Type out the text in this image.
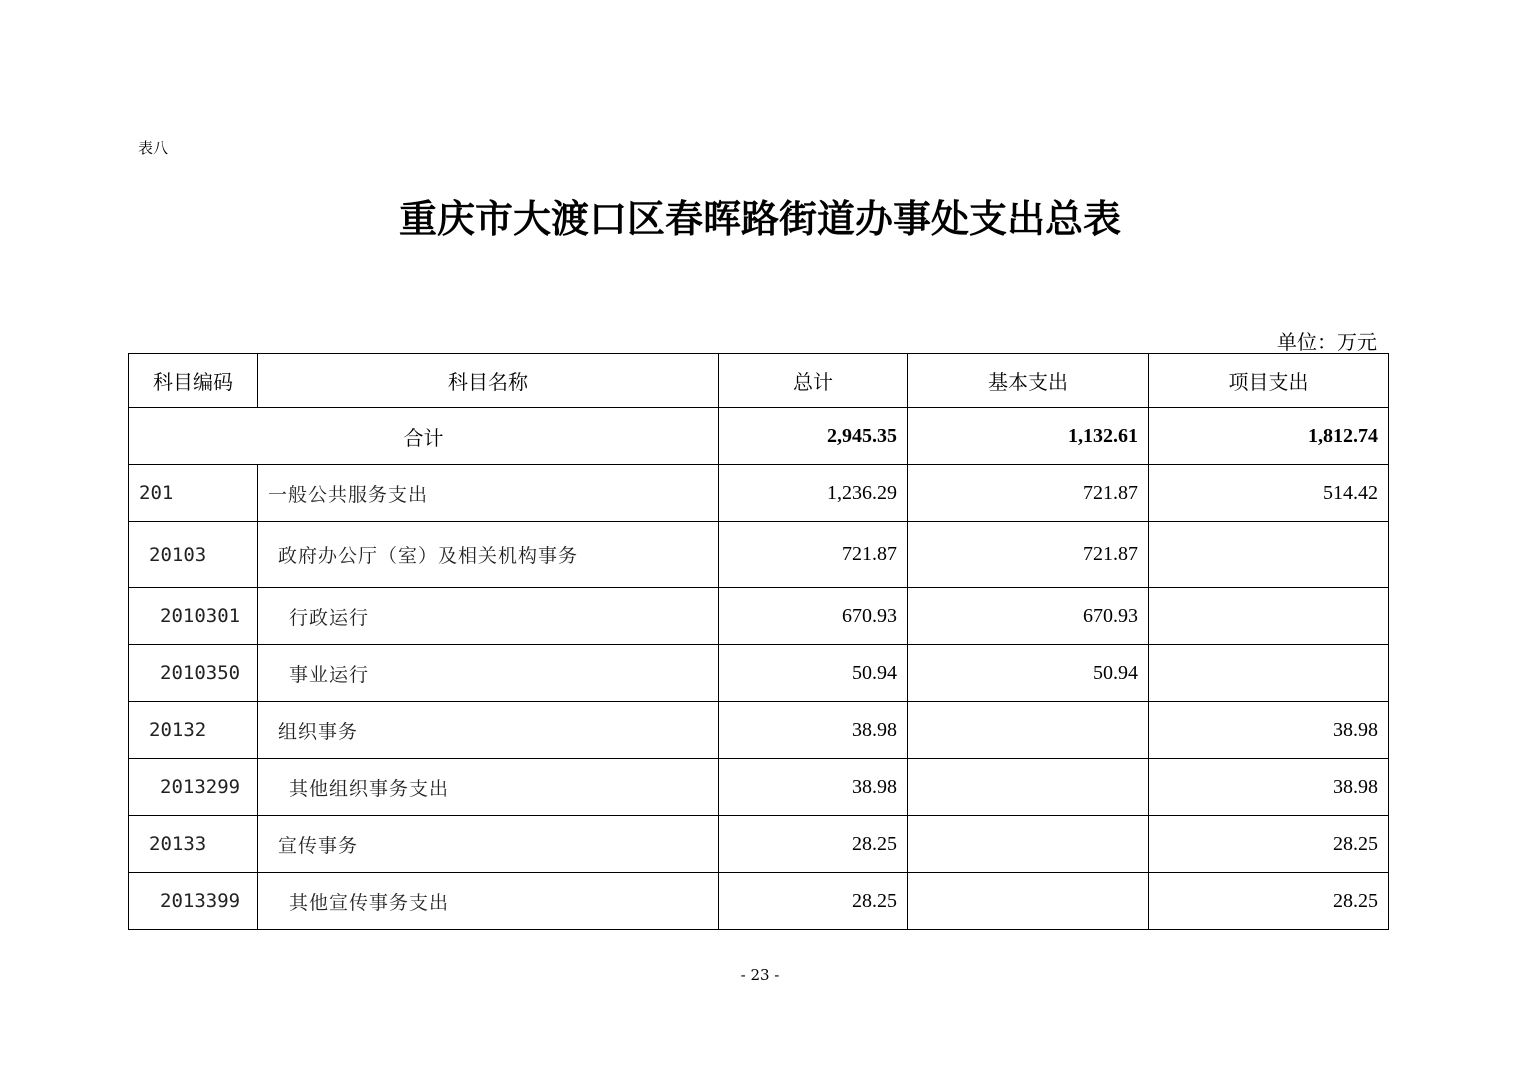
表八
重庆市大渡口区春晖路街道办事处支出总表
单位：万元
科目编码	科目名称	总计	基本支出	项目支出
合计		2,945.35	1,132.61	1,812.74
201	一般公共服务支出	1,236.29	721.87	514.42
20103	政府办公厅（室）及相关机构事务	721.87	721.87	
2010301	行政运行	670.93	670.93	
2010350	事业运行	50.94	50.94	
20132	组织事务	38.98		38.98
2013299	其他组织事务支出	38.98		38.98
20133	宣传事务	28.25		28.25
2013399	其他宣传事务支出	28.25		28.25
- 23 -
